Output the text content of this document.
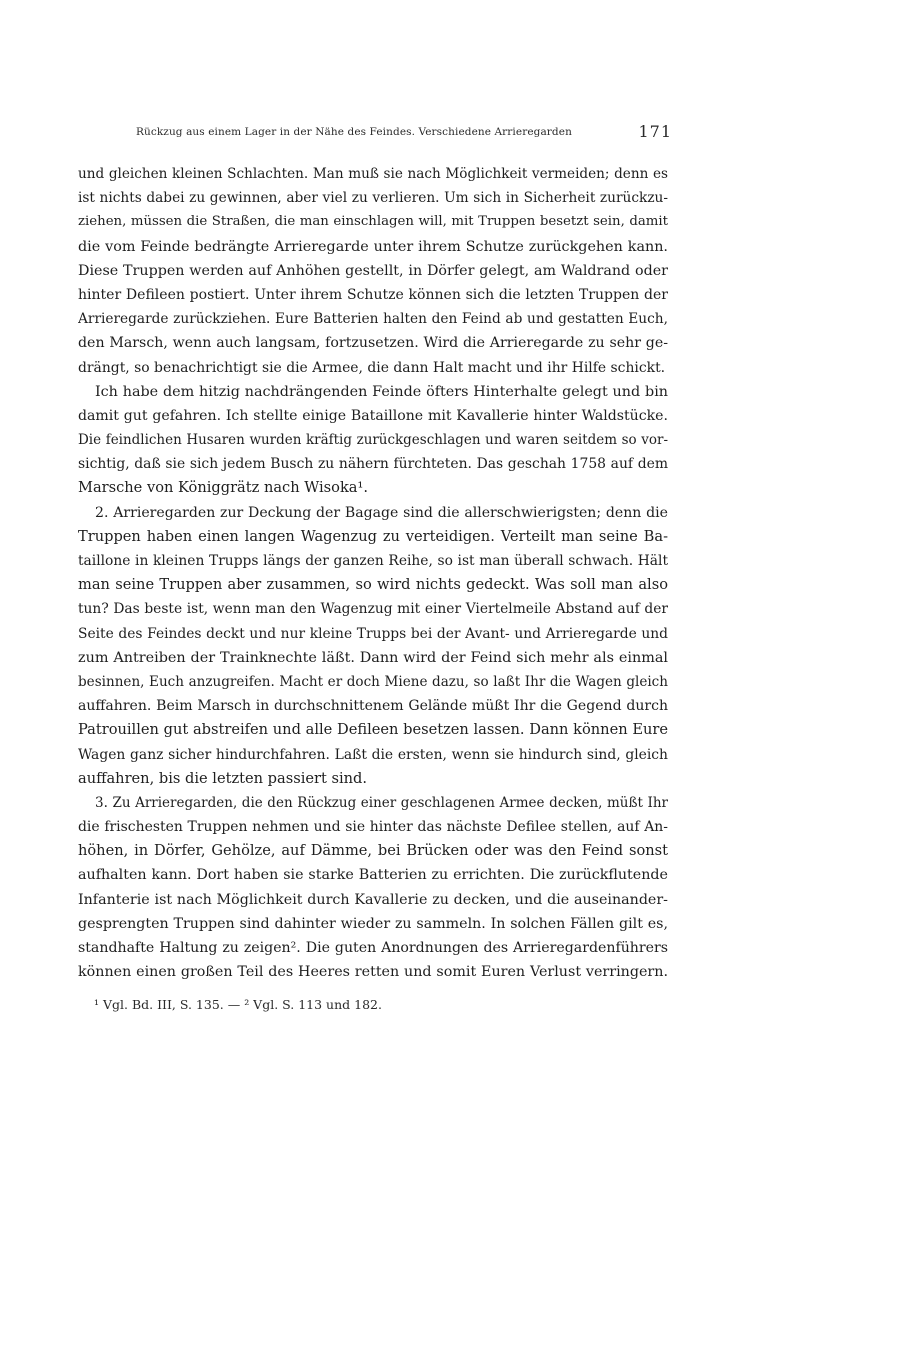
Rückzug aus einem Lager in der Nähe des Feindes. Verschiedene Arrieregarden	171
und gleichen kleinen Schlachten. Man muß sie nach Möglichkeit vermeiden; denn es
ist nichts dabei zu gewinnen, aber viel zu verlieren. Um sich in Sicherheit zurückzu-
ziehen, müssen die Straßen, die man einschlagen will, mit Truppen besetzt sein, damit
die vom Feinde bedrängte Arrieregarde unter ihrem Schutze zurückgehen kann.
Diese Truppen werden auf Anhöhen gestellt, in Dörfer gelegt, am Waldrand oder
hinter Defileen postiert. Unter ihrem Schutze können sich die letzten Truppen der
Arrieregarde zurückziehen. Eure Batterien halten den Feind ab und gestatten Euch,
den Marsch, wenn auch langsam, fortzusetzen. Wird die Arrieregarde zu sehr ge-
drängt, so benachrichtigt sie die Armee, die dann Halt macht und ihr Hilfe schickt.
Ich habe dem hitzig nachdrängenden Feinde öfters Hinterhalte gelegt und bin
damit gut gefahren. Ich stellte einige Bataillone mit Kavallerie hinter Waldstücke.
Die feindlichen Husaren wurden kräftig zurückgeschlagen und waren seitdem so vor-
sichtig, daß sie sich jedem Busch zu nähern fürchteten. Das geschah 1758 auf dem
Marsche von Königgrätz nach Wisoka¹.
2. Arrieregarden zur Deckung der Bagage sind die allerschwierigsten; denn die
Truppen haben einen langen Wagenzug zu verteidigen. Verteilt man seine Ba-
taillone in kleinen Trupps längs der ganzen Reihe, so ist man überall schwach. Hält
man seine Truppen aber zusammen, so wird nichts gedeckt. Was soll man also
tun? Das beste ist, wenn man den Wagenzug mit einer Viertelmeile Abstand auf der
Seite des Feindes deckt und nur kleine Trupps bei der Avant- und Arrieregarde und
zum Antreiben der Trainknechte läßt. Dann wird der Feind sich mehr als einmal
besinnen, Euch anzugreifen. Macht er doch Miene dazu, so laßt Ihr die Wagen gleich
auffahren. Beim Marsch in durchschnittenem Gelände müßt Ihr die Gegend durch
Patrouillen gut abstreifen und alle Defileen besetzen lassen. Dann können Eure
Wagen ganz sicher hindurchfahren. Laßt die ersten, wenn sie hindurch sind, gleich
auffahren, bis die letzten passiert sind.
3. Zu Arrieregarden, die den Rückzug einer geschlagenen Armee decken, müßt Ihr
die frischesten Truppen nehmen und sie hinter das nächste Defilee stellen, auf An-
höhen, in Dörfer, Gehölze, auf Dämme, bei Brücken oder was den Feind sonst
aufhalten kann. Dort haben sie starke Batterien zu errichten. Die zurückflutende
Infanterie ist nach Möglichkeit durch Kavallerie zu decken, und die auseinander-
gesprengten Truppen sind dahinter wieder zu sammeln. In solchen Fällen gilt es,
standhafte Haltung zu zeigen². Die guten Anordnungen des Arrieregardenführers
können einen großen Teil des Heeres retten und somit Euren Verlust verringern.
¹ Vgl. Bd. III, S. 135. — ² Vgl. S. 113 und 182.
